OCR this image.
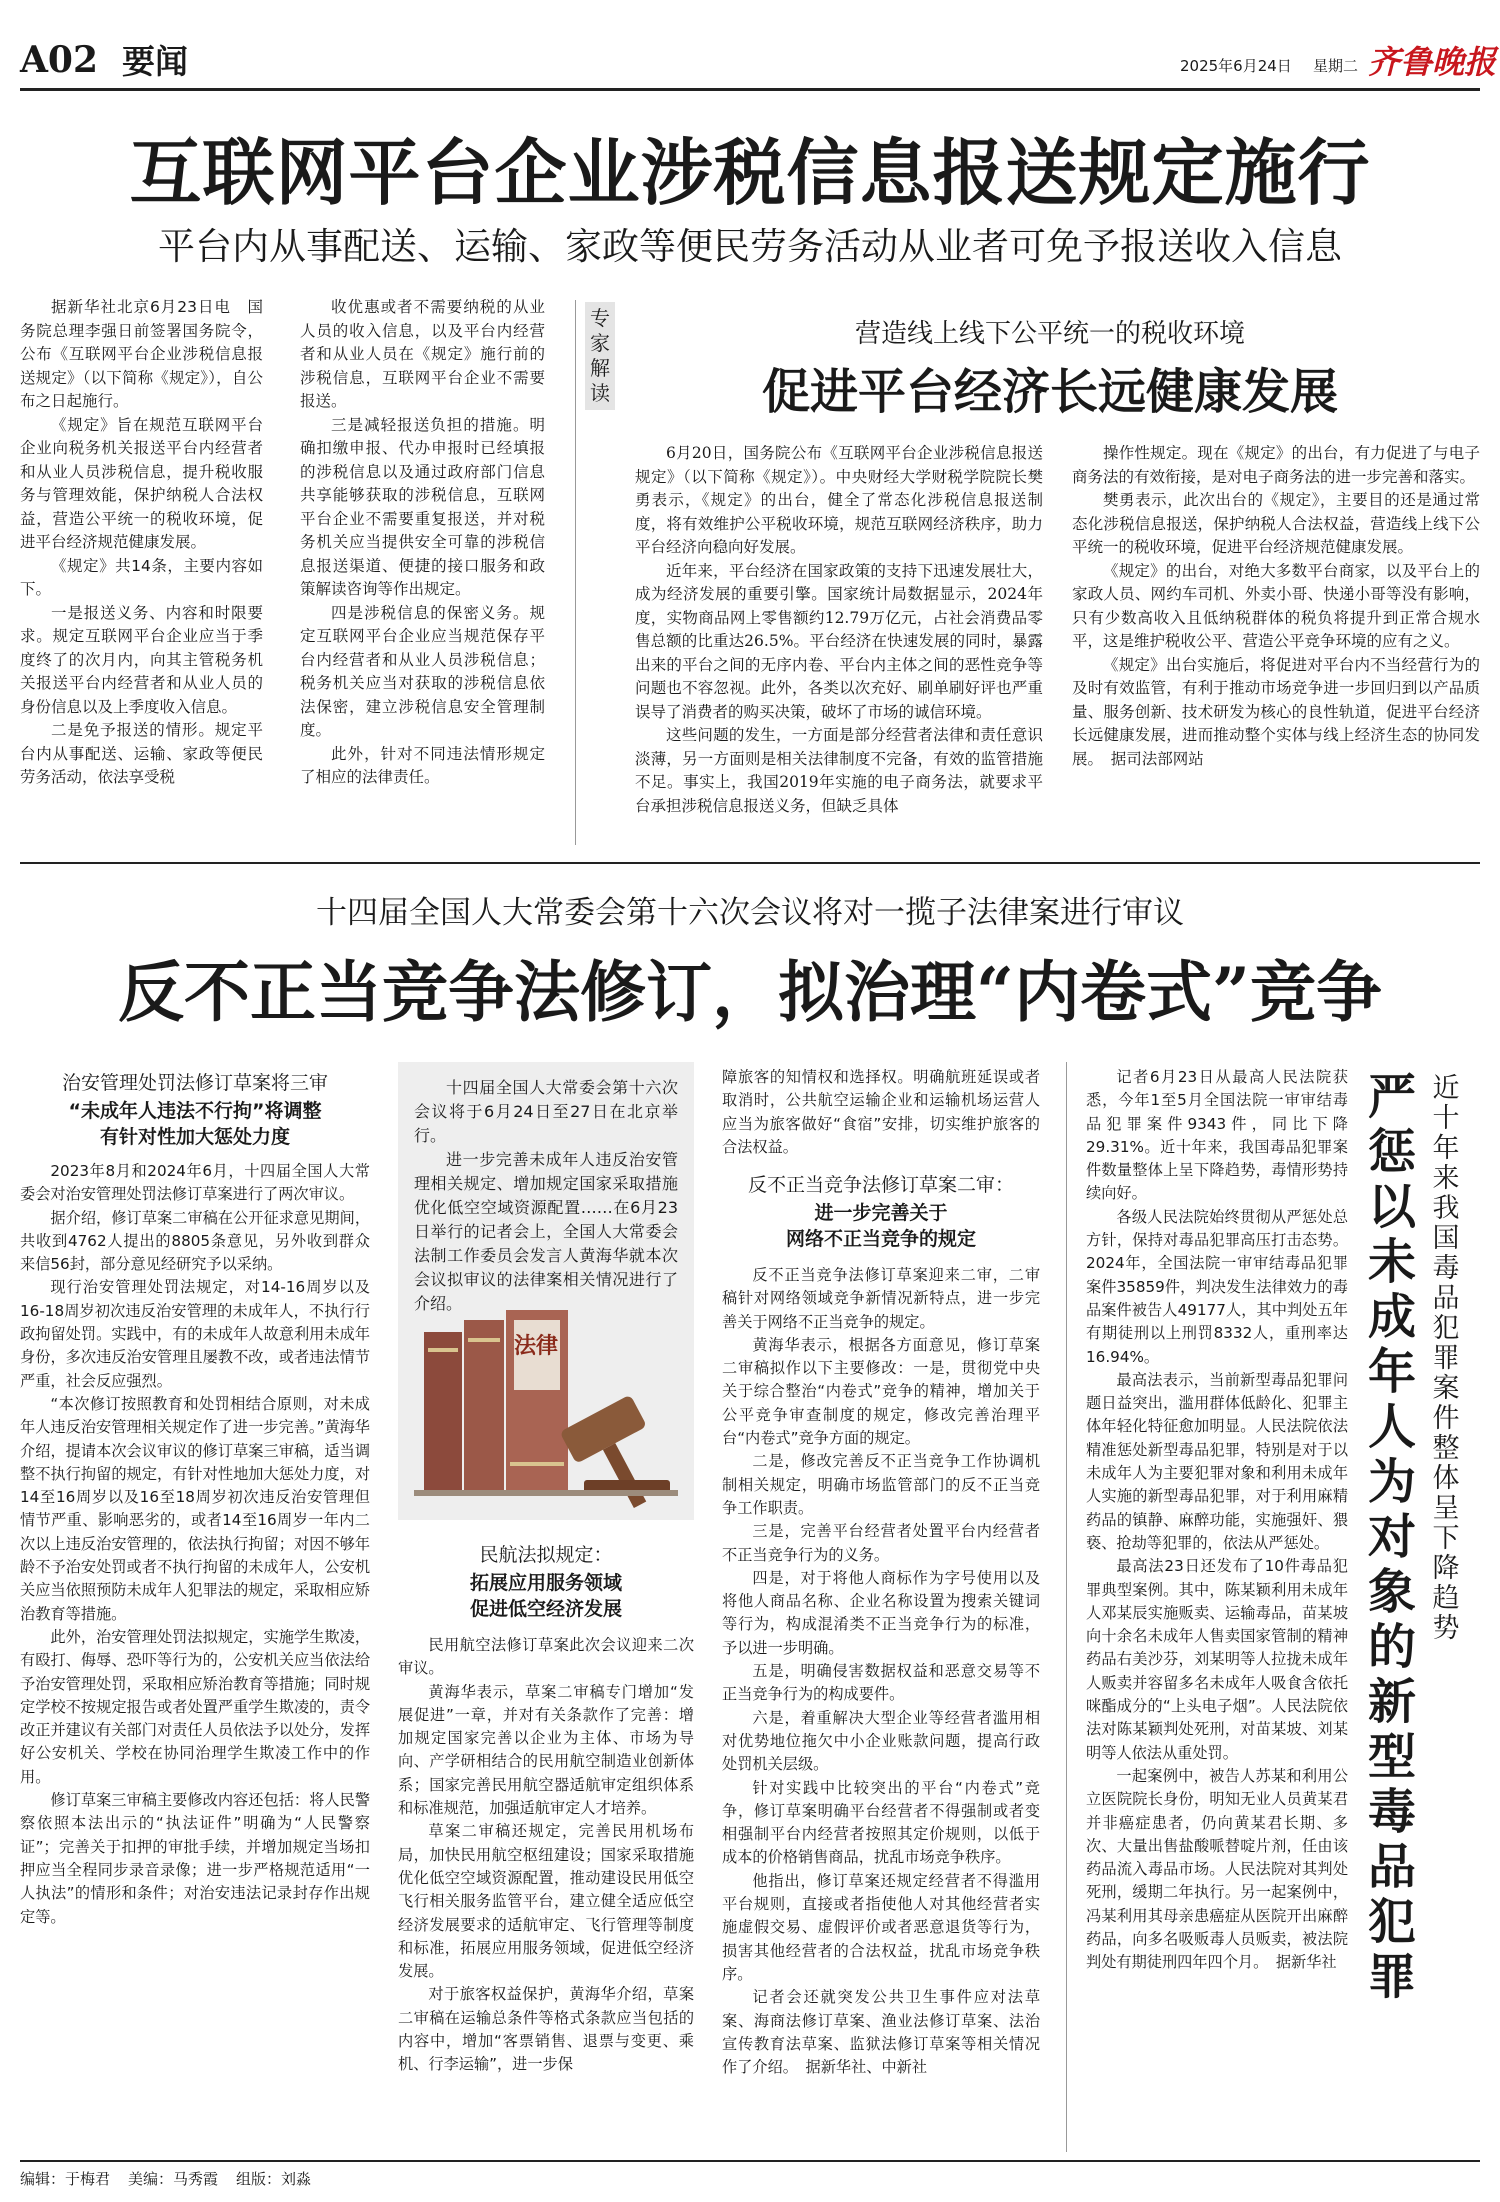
A02 要闻	2025年6月24日 星期二 齐鲁晚报
互联网平台企业涉税信息报送规定施行
平台内从事配送、运输、家政等便民劳务活动从业者可免予报送收入信息

据新华社北京6月23日电　国务院总理李强日前签署国务院令，公布《互联网平台企业涉税信息报送规定》（以下简称《规定》），自公布之日起施行。

《规定》旨在规范互联网平台企业向税务机关报送平台内经营者和从业人员涉税信息，提升税收服务与管理效能，保护纳税人合法权益，营造公平统一的税收环境，促进平台经济规范健康发展。

《规定》共14条，主要内容如下。

一是报送义务、内容和时限要求。规定互联网平台企业应当于季度终了的次月内，向其主管税务机关报送平台内经营者和从业人员的身份信息以及上季度收入信息。

二是免予报送的情形。规定平台内从事配送、运输、家政等便民劳务活动，依法享受税

收优惠或者不需要纳税的从业人员的收入信息，以及平台内经营者和从业人员在《规定》施行前的涉税信息，互联网平台企业不需要报送。

三是减轻报送负担的措施。明确扣缴申报、代办申报时已经填报的涉税信息以及通过政府部门信息共享能够获取的涉税信息，互联网平台企业不需要重复报送，并对税务机关应当提供安全可靠的涉税信息报送渠道、便捷的接口服务和政策解读咨询等作出规定。

四是涉税信息的保密义务。规定互联网平台企业应当规范保存平台内经营者和从业人员涉税信息；税务机关应当对获取的涉税信息依法保密，建立涉税信息安全管理制度。

此外，针对不同违法情形规定了相应的法律责任。

专家解读
营造线上线下公平统一的税收环境
促进平台经济长远健康发展

6月20日，国务院公布《互联网平台企业涉税信息报送规定》（以下简称《规定》）。中央财经大学财税学院院长樊勇表示，《规定》的出台，健全了常态化涉税信息报送制度，将有效维护公平税收环境，规范互联网经济秩序，助力平台经济向稳向好发展。

近年来，平台经济在国家政策的支持下迅速发展壮大，成为经济发展的重要引擎。国家统计局数据显示，2024年度，实物商品网上零售额约12.79万亿元，占社会消费品零售总额的比重达26.5%。平台经济在快速发展的同时，暴露出来的平台之间的无序内卷、平台内主体之间的恶性竞争等问题也不容忽视。此外，各类以次充好、刷单刷好评也严重误导了消费者的购买决策，破坏了市场的诚信环境。

这些问题的发生，一方面是部分经营者法律和责任意识淡薄，另一方面则是相关法律制度不完备，有效的监管措施不足。事实上，我国2019年实施的电子商务法，就要求平台承担涉税信息报送义务，但缺乏具体

操作性规定。现在《规定》的出台，有力促进了与电子商务法的有效衔接，是对电子商务法的进一步完善和落实。

樊勇表示，此次出台的《规定》，主要目的还是通过常态化涉税信息报送，保护纳税人合法权益，营造线上线下公平统一的税收环境，促进平台经济规范健康发展。

《规定》的出台，对绝大多数平台商家，以及平台上的家政人员、网约车司机、外卖小哥、快递小哥等没有影响，只有少数高收入且低纳税群体的税负将提升到正常合规水平，这是维护税收公平、营造公平竞争环境的应有之义。

《规定》出台实施后，将促进对平台内不当经营行为的及时有效监管，有利于推动市场竞争进一步回归到以产品质量、服务创新、技术研发为核心的良性轨道，促进平台经济长远健康发展，进而推动整个实体与线上经济生态的协同发展。　据司法部网站

十四届全国人大常委会第十六次会议将对一揽子法律案进行审议
反不正当竞争法修订，拟治理“内卷式”竞争
治安管理处罚法修订草案将三审
“未成年人违法不行拘”将调整
有针对性加大惩处力度

2023年8月和2024年6月，十四届全国人大常委会对治安管理处罚法修订草案进行了两次审议。

据介绍，修订草案二审稿在公开征求意见期间，共收到4762人提出的8805条意见，另外收到群众来信56封，部分意见经研究予以采纳。

现行治安管理处罚法规定，对14-16周岁以及16-18周岁初次违反治安管理的未成年人，不执行行政拘留处罚。实践中，有的未成年人故意利用未成年身份，多次违反治安管理且屡教不改，或者违法情节严重，社会反应强烈。

“本次修订按照教育和处罚相结合原则，对未成年人违反治安管理相关规定作了进一步完善。”黄海华介绍，提请本次会议审议的修订草案三审稿，适当调整不执行拘留的规定，有针对性地加大惩处力度，对14至16周岁以及16至18周岁初次违反治安管理但情节严重、影响恶劣的，或者14至16周岁一年内二次以上违反治安管理的，依法执行拘留；对因不够年龄不予治安处罚或者不执行拘留的未成年人，公安机关应当依照预防未成年人犯罪法的规定，采取相应矫治教育等措施。

此外，治安管理处罚法拟规定，实施学生欺凌，有殴打、侮辱、恐吓等行为的，公安机关应当依法给予治安管理处罚，采取相应矫治教育等措施；同时规定学校不按规定报告或者处置严重学生欺凌的，责令改正并建议有关部门对责任人员依法予以处分，发挥好公安机关、学校在协同治理学生欺凌工作中的作用。

修订草案三审稿主要修改内容还包括：将人民警察依照本法出示的“执法证件”明确为“人民警察证”；完善关于扣押的审批手续，并增加规定当场扣押应当全程同步录音录像；进一步严格规范适用“一人执法”的情形和条件；对治安违法记录封存作出规定等。

十四届全国人大常委会第十六次会议将于6月24日至27日在北京举行。

进一步完善未成年人违反治安管理相关规定、增加规定国家采取措施优化低空空域资源配置……在6月23日举行的记者会上，全国人大常委会法制工作委员会发言人黄海华就本次会议拟审议的法律案相关情况进行了介绍。

法律
民航法拟规定：
拓展应用服务领域
促进低空经济发展

民用航空法修订草案此次会议迎来二次审议。

黄海华表示，草案二审稿专门增加“发展促进”一章，并对有关条款作了完善：增加规定国家完善以企业为主体、市场为导向、产学研相结合的民用航空制造业创新体系；国家完善民用航空器适航审定组织体系和标准规范，加强适航审定人才培养。

草案二审稿还规定，完善民用机场布局，加快民用航空枢纽建设；国家采取措施优化低空空域资源配置，推动建设民用低空飞行相关服务监管平台，建立健全适应低空经济发展要求的适航审定、飞行管理等制度和标准，拓展应用服务领域，促进低空经济发展。

对于旅客权益保护，黄海华介绍，草案二审稿在运输总条件等格式条款应当包括的内容中，增加“客票销售、退票与变更、乘机、行李运输”，进一步保

障旅客的知情权和选择权。明确航班延误或者取消时，公共航空运输企业和运输机场运营人应当为旅客做好“食宿”安排，切实维护旅客的合法权益。

反不正当竞争法修订草案二审：
进一步完善关于
网络不正当竞争的规定

反不正当竞争法修订草案迎来二审，二审稿针对网络领域竞争新情况新特点，进一步完善关于网络不正当竞争的规定。

黄海华表示，根据各方面意见，修订草案二审稿拟作以下主要修改：一是，贯彻党中央关于综合整治“内卷式”竞争的精神，增加关于公平竞争审查制度的规定，修改完善治理平台“内卷式”竞争方面的规定。

二是，修改完善反不正当竞争工作协调机制相关规定，明确市场监管部门的反不正当竞争工作职责。

三是，完善平台经营者处置平台内经营者不正当竞争行为的义务。

四是，对于将他人商标作为字号使用以及将他人商品名称、企业名称设置为搜索关键词等行为，构成混淆类不正当竞争行为的标准，予以进一步明确。

五是，明确侵害数据权益和恶意交易等不正当竞争行为的构成要件。

六是，着重解决大型企业等经营者滥用相对优势地位拖欠中小企业账款问题，提高行政处罚机关层级。

针对实践中比较突出的平台“内卷式”竞争，修订草案明确平台经营者不得强制或者变相强制平台内经营者按照其定价规则，以低于成本的价格销售商品，扰乱市场竞争秩序。

他指出，修订草案还规定经营者不得滥用平台规则，直接或者指使他人对其他经营者实施虚假交易、虚假评价或者恶意退货等行为，损害其他经营者的合法权益，扰乱市场竞争秩序。

记者会还就突发公共卫生事件应对法草案、海商法修订草案、渔业法修订草案、法治宣传教育法草案、监狱法修订草案等相关情况作了介绍。　据新华社、中新社

记者6月23日从最高人民法院获悉，今年1至5月全国法院一审审结毒品犯罪案件9343件，同比下降29.31%。近十年来，我国毒品犯罪案件数量整体上呈下降趋势，毒情形势持续向好。

各级人民法院始终贯彻从严惩处总方针，保持对毒品犯罪高压打击态势。2024年，全国法院一审审结毒品犯罪案件35859件，判决发生法律效力的毒品案件被告人49177人，其中判处五年有期徒刑以上刑罚8332人，重刑率达16.94%。

最高法表示，当前新型毒品犯罪问题日益突出，滥用群体低龄化、犯罪主体年轻化特征愈加明显。人民法院依法精准惩处新型毒品犯罪，特别是对于以未成年人为主要犯罪对象和利用未成年人实施的新型毒品犯罪，对于利用麻精药品的镇静、麻醉功能，实施强奸、猥亵、抢劫等犯罪的，依法从严惩处。

最高法23日还发布了10件毒品犯罪典型案例。其中，陈某颖利用未成年人邓某辰实施贩卖、运输毒品，苗某坡向十余名未成年人售卖国家管制的精神药品右美沙芬，刘某明等人拉拢未成年人贩卖并容留多名未成年人吸食含依托咪酯成分的“上头电子烟”。人民法院依法对陈某颖判处死刑，对苗某坡、刘某明等人依法从重处罚。

一起案例中，被告人苏某和利用公立医院院长身份，明知无业人员黄某君并非癌症患者，仍向黄某君长期、多次、大量出售盐酸哌替啶片剂，任由该药品流入毒品市场。人民法院对其判处死刑，缓期二年执行。另一起案例中，冯某利用其母亲患癌症从医院开出麻醉药品，向多名吸贩毒人员贩卖，被法院判处有期徒刑四年四个月。　据新华社

严惩以未成年人为对象的新型毒品犯罪
近十年来我国毒品犯罪案件整体呈下降趋势
编辑：于梅君 美编：马秀霞 组版：刘淼
